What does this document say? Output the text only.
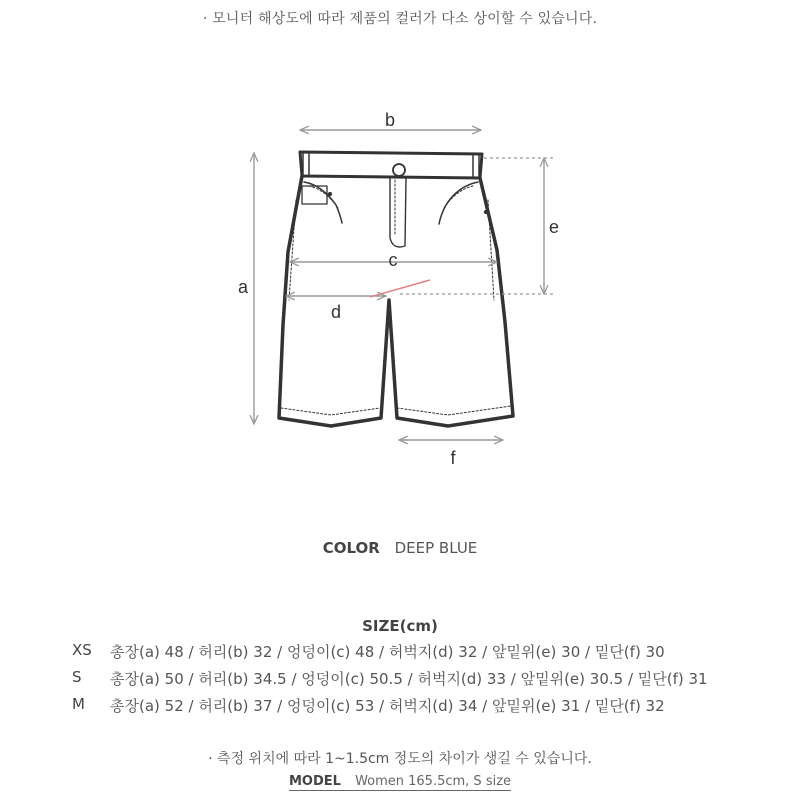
· 모니터 해상도에 따라 제품의 컬러가 다소 상이할 수 있습니다.
b
a
c
d
e
f
COLOR DEEP BLUE
SIZE(cm)
XS 총장(a) 48 / 허리(b) 32 / 엉덩이(c) 48 / 허벅지(d) 32 / 앞밑위(e) 30 / 밑단(f) 30
S 총장(a) 50 / 허리(b) 34.5 / 엉덩이(c) 50.5 / 허벅지(d) 33 / 앞밑위(e) 30.5 / 밑단(f) 31
M 총장(a) 52 / 허리(b) 37 / 엉덩이(c) 53 / 허벅지(d) 34 / 앞밑위(e) 31 / 밑단(f) 32
· 측정 위치에 따라 1~1.5cm 정도의 차이가 생길 수 있습니다.
MODEL Women 165.5cm, S size
